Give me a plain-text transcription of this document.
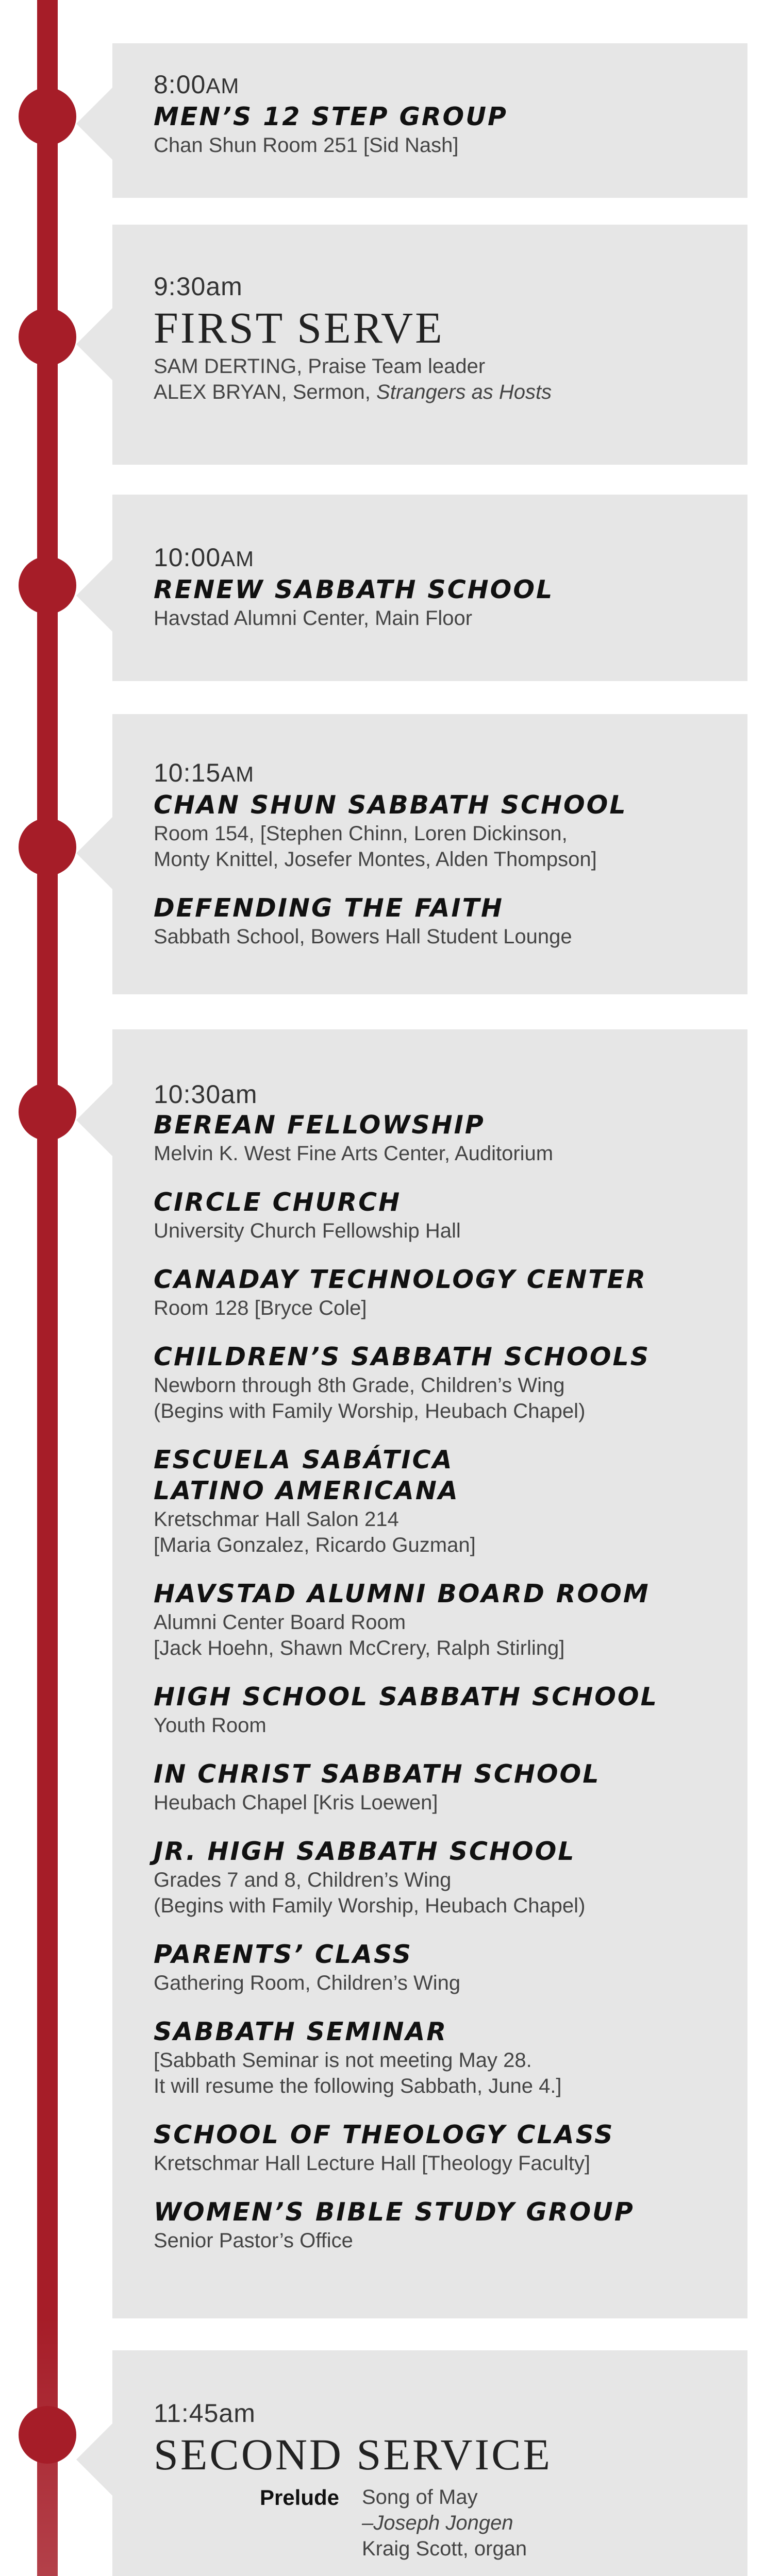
8:00AM
MEN’S 12 STEP GROUP
Chan Shun Room 251 [Sid Nash]
9:30am
FIRST SERVE
SAM DERTING, Praise Team leader
ALEX BRYAN, Sermon, Strangers as Hosts
10:00AM
RENEW SABBATH SCHOOL
Havstad Alumni Center, Main Floor
10:15AM
CHAN SHUN SABBATH SCHOOL
Room 154, [Stephen Chinn, Loren Dickinson,
Monty Knittel, Josefer Montes, Alden Thompson]
DEFENDING THE FAITH
Sabbath School, Bowers Hall Student Lounge
10:30am
BEREAN FELLOWSHIP
Melvin K. West Fine Arts Center, Auditorium
CIRCLE CHURCH
University Church Fellowship Hall
CANADAY TECHNOLOGY CENTER
Room 128 [Bryce Cole]
CHILDREN’S SABBATH SCHOOLS
Newborn through 8th Grade, Children’s Wing
(Begins with Family Worship, Heubach Chapel)
ESCUELA SABÁTICA
LATINO AMERICANA
Kretschmar Hall Salon 214
[Maria Gonzalez, Ricardo Guzman]
HAVSTAD ALUMNI BOARD ROOM
Alumni Center Board Room
[Jack Hoehn, Shawn McCrery, Ralph Stirling]
HIGH SCHOOL SABBATH SCHOOL
Youth Room
IN CHRIST SABBATH SCHOOL
Heubach Chapel [Kris Loewen]
JR. HIGH SABBATH SCHOOL
Grades 7 and 8, Children’s Wing
(Begins with Family Worship, Heubach Chapel)
PARENTS’ CLASS
Gathering Room, Children’s Wing
SABBATH SEMINAR
[Sabbath Seminar is not meeting May 28.
It will resume the following Sabbath, June 4.]
SCHOOL OF THEOLOGY CLASS
Kretschmar Hall Lecture Hall [Theology Faculty]
WOMEN’S BIBLE STUDY GROUP
Senior Pastor’s Office
11:45am
SECOND SERVICE
Prelude	Song of May
–Joseph Jongen
Kraig Scott, organ
